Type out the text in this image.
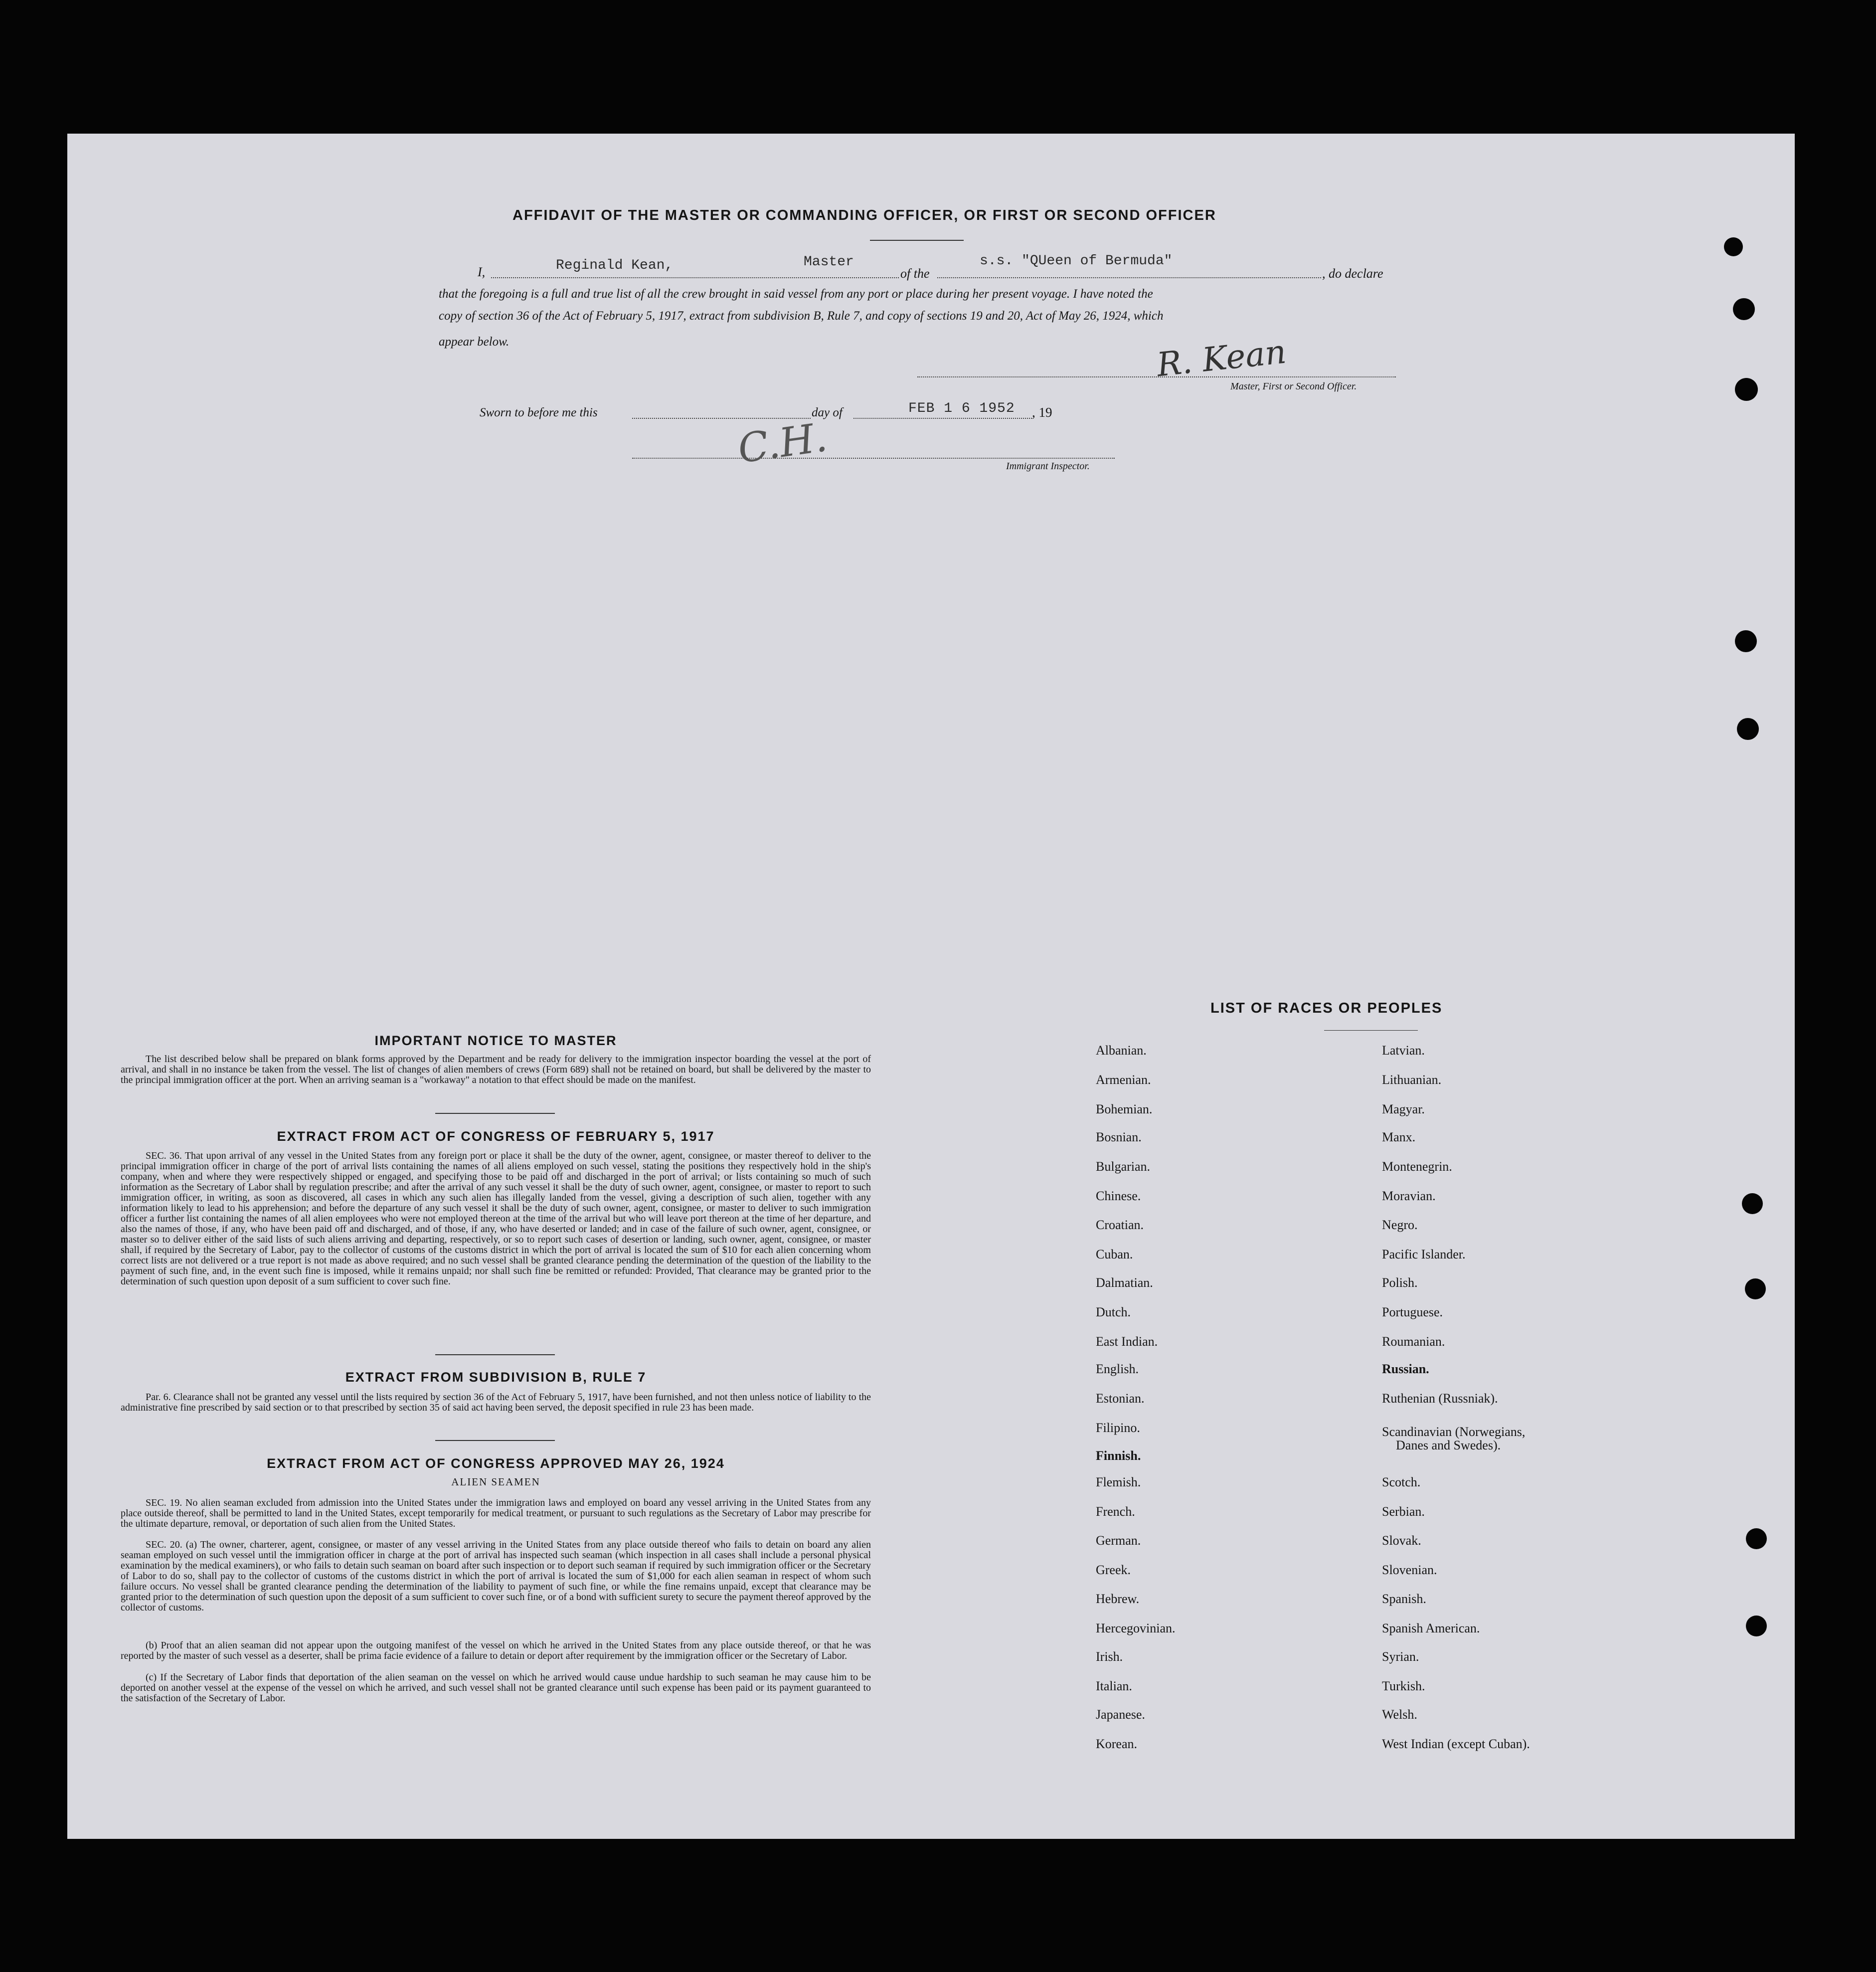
AFFIDAVIT OF THE MASTER OR COMMANDING OFFICER, OR FIRST OR SECOND OFFICER
I,	Reginald Kean,	Master
of the
s.s. "QUeen of Bermuda"
, do declare
that the foregoing is a full and true list of all the crew brought in said vessel from any port or place during her present voyage. I have noted the
copy of section 36 of the Act of February 5, 1917, extract from subdivision B, Rule 7, and copy of sections 19 and 20, Act of May 26, 1924, which
appear below.	R. Kean
Master, First or Second Officer.
Sworn to before me this	day of	FEB 1 6 1952 , 19
C.H.	Immigrant Inspector.
IMPORTANT NOTICE TO MASTER
The list described below shall be prepared on blank forms approved by the Department and be ready for delivery to the immigration inspector boarding the vessel at the port of arrival, and shall in no instance be taken from the vessel. The list of changes of alien members of crews (Form 689) shall not be retained on board, but shall be delivered by the master to the principal immigration officer at the port. When an arriving seaman is a "workaway" a notation to that effect should be made on the manifest.
EXTRACT FROM ACT OF CONGRESS OF FEBRUARY 5, 1917
SEC. 36. That upon arrival of any vessel in the United States from any foreign port or place it shall be the duty of the owner, agent, consignee, or master thereof to deliver to the principal immigration officer in charge of the port of arrival lists containing the names of all aliens employed on such vessel, stating the positions they respectively hold in the ship's company, when and where they were respectively shipped or engaged, and specifying those to be paid off and discharged in the port of arrival; or lists containing so much of such information as the Secretary of Labor shall by regulation prescribe; and after the arrival of any such vessel it shall be the duty of such owner, agent, consignee, or master to report to such immigration officer, in writing, as soon as discovered, all cases in which any such alien has illegally landed from the vessel, giving a description of such alien, together with any information likely to lead to his apprehension; and before the departure of any such vessel it shall be the duty of such owner, agent, consignee, or master to deliver to such immigration officer a further list containing the names of all alien employees who were not employed thereon at the time of the arrival but who will leave port thereon at the time of her departure, and also the names of those, if any, who have been paid off and discharged, and of those, if any, who have deserted or landed; and in case of the failure of such owner, agent, consignee, or master so to deliver either of the said lists of such aliens arriving and departing, respectively, or so to report such cases of desertion or landing, such owner, agent, consignee, or master shall, if required by the Secretary of Labor, pay to the collector of customs of the customs district in which the port of arrival is located the sum of $10 for each alien concerning whom correct lists are not delivered or a true report is not made as above required; and no such vessel shall be granted clearance pending the determination of the question of the liability to the payment of such fine, and, in the event such fine is imposed, while it remains unpaid; nor shall such fine be remitted or refunded: Provided, That clearance may be granted prior to the determination of such question upon deposit of a sum sufficient to cover such fine.
EXTRACT FROM SUBDIVISION B, RULE 7
Par. 6. Clearance shall not be granted any vessel until the lists required by section 36 of the Act of February 5, 1917, have been furnished, and not then unless notice of liability to the administrative fine prescribed by said section or to that prescribed by section 35 of said act having been served, the deposit specified in rule 23 has been made.
EXTRACT FROM ACT OF CONGRESS APPROVED MAY 26, 1924
ALIEN SEAMEN
SEC. 19. No alien seaman excluded from admission into the United States under the immigration laws and employed on board any vessel arriving in the United States from any place outside thereof, shall be permitted to land in the United States, except temporarily for medical treatment, or pursuant to such regulations as the Secretary of Labor may prescribe for the ultimate departure, removal, or deportation of such alien from the United States.
SEC. 20. (a) The owner, charterer, agent, consignee, or master of any vessel arriving in the United States from any place outside thereof who fails to detain on board any alien seaman employed on such vessel until the immigration officer in charge at the port of arrival has inspected such seaman (which inspection in all cases shall include a personal physical examination by the medical examiners), or who fails to detain such seaman on board after such inspection or to deport such seaman if required by such immigration officer or the Secretary of Labor to do so, shall pay to the collector of customs of the customs district in which the port of arrival is located the sum of $1,000 for each alien seaman in respect of whom such failure occurs. No vessel shall be granted clearance pending the determination of the liability to payment of such fine, or while the fine remains unpaid, except that clearance may be granted prior to the determination of such question upon the deposit of a sum sufficient to cover such fine, or of a bond with sufficient surety to secure the payment thereof approved by the collector of customs.
(b) Proof that an alien seaman did not appear upon the outgoing manifest of the vessel on which he arrived in the United States from any place outside thereof, or that he was reported by the master of such vessel as a deserter, shall be prima facie evidence of a failure to detain or deport after requirement by the immigration officer or the Secretary of Labor.
(c) If the Secretary of Labor finds that deportation of the alien seaman on the vessel on which he arrived would cause undue hardship to such seaman he may cause him to be deported on another vessel at the expense of the vessel on which he arrived, and such vessel shall not be granted clearance until such expense has been paid or its payment guaranteed to the satisfaction of the Secretary of Labor.
LIST OF RACES OR PEOPLES
Albanian.
Armenian.
Bohemian.
Bosnian.
Bulgarian.
Chinese.
Croatian.
Cuban.
Dalmatian.
Dutch.
East Indian.
English.
Estonian.
Filipino.
Finnish.
Flemish.
French.
German.
Greek.
Hebrew.
Hercegovinian.
Irish.
Italian.
Japanese.
Korean.
Latvian.
Lithuanian.
Magyar.
Manx.
Montenegrin.
Moravian.
Negro.
Pacific Islander.
Polish.
Portuguese.
Roumanian.
Russian.
Ruthenian (Russniak).
Scandinavian (Norwegians,
Danes and Swedes).
Scotch.
Serbian.
Slovak.
Slovenian.
Spanish.
Spanish American.
Syrian.
Turkish.
Welsh.
West Indian (except Cuban).
